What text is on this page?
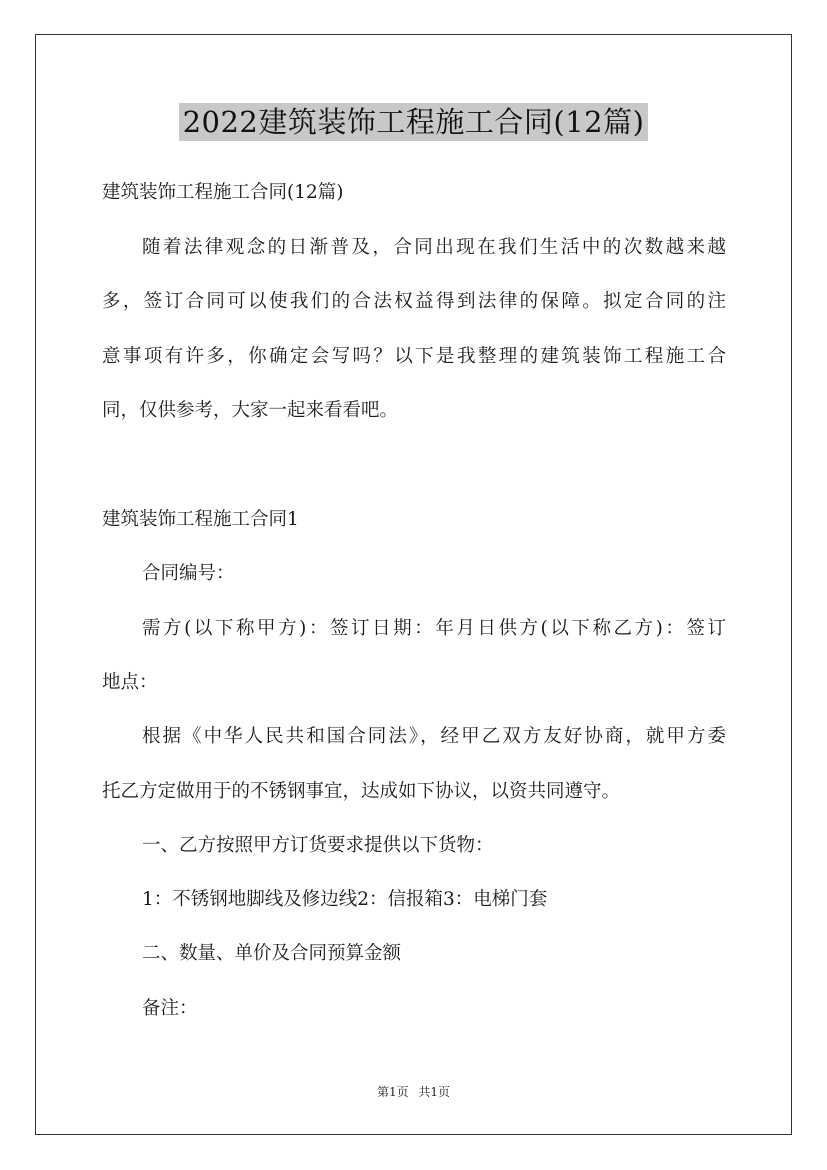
2022建筑装饰工程施工合同(12篇)
建筑装饰工程施工合同(12篇)
随着法律观念的日渐普及，合同出现在我们生活中的次数越来越
多，签订合同可以使我们的合法权益得到法律的保障。拟定合同的注
意事项有许多，你确定会写吗？以下是我整理的建筑装饰工程施工合
同，仅供参考，大家一起来看看吧。
建筑装饰工程施工合同1
合同编号：
需方(以下称甲方)：签订日期：年月日供方(以下称乙方)：签订
地点：
根据《中华人民共和国合同法》，经甲乙双方友好协商，就甲方委
托乙方定做用于的不锈钢事宜，达成如下协议，以资共同遵守。
一、乙方按照甲方订货要求提供以下货物：
1：不锈钢地脚线及修边线2：信报箱3：电梯门套
二、数量、单价及合同预算金额
备注：
第1页 共1页
